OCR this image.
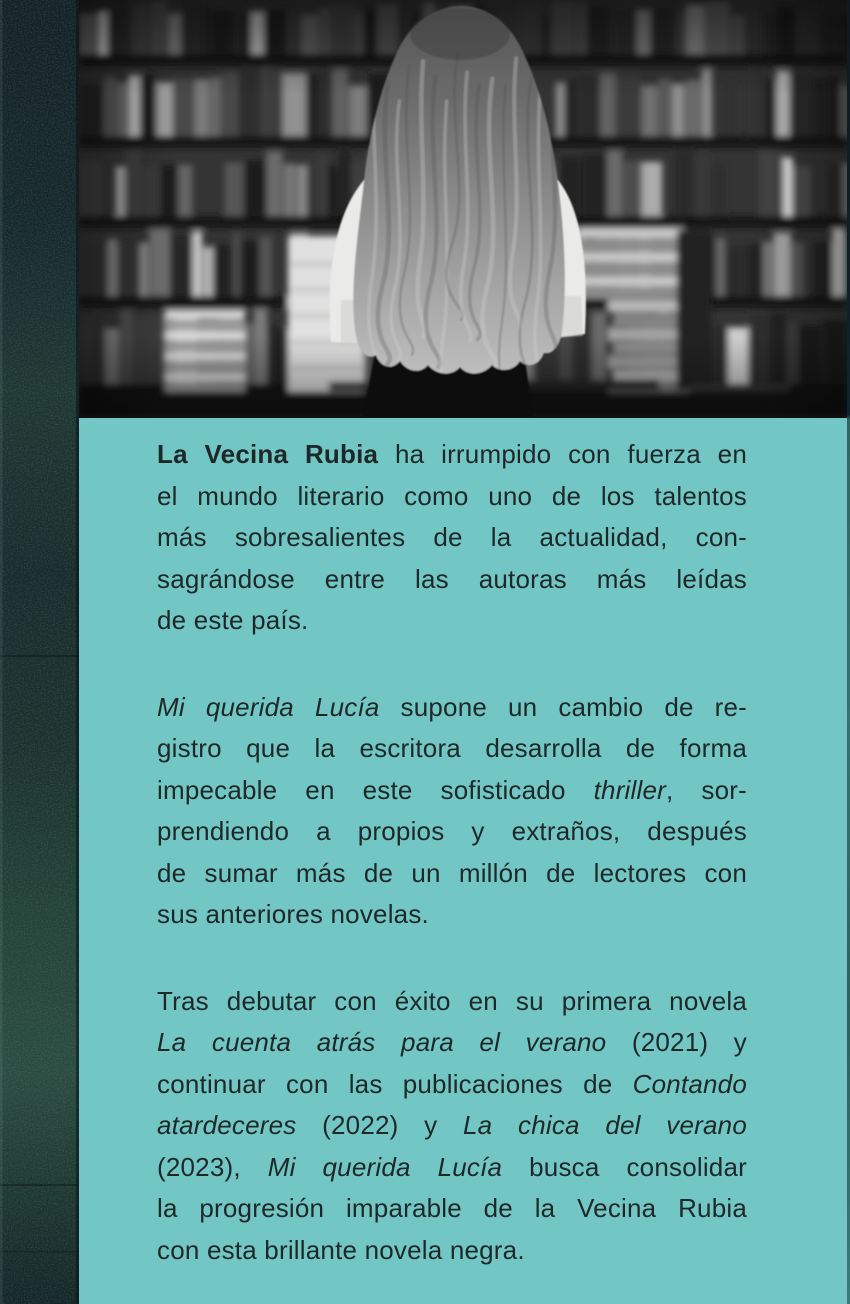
La Vecina Rubia ha irrumpido con fuerza en
el mundo literario como uno de los talentos
más sobresalientes de la actualidad, con-
sagrándose entre las autoras más leídas
de este país.
Mi querida Lucía supone un cambio de re-
gistro que la escritora desarrolla de forma
impecable en este sofisticado thriller, sor-
prendiendo a propios y extraños, después
de sumar más de un millón de lectores con
sus anteriores novelas.
Tras debutar con éxito en su primera novela
La cuenta atrás para el verano (2021) y
continuar con las publicaciones de Contando
atardeceres (2022) y La chica del verano
(2023), Mi querida Lucía busca consolidar
la progresión imparable de la Vecina Rubia
con esta brillante novela negra.
